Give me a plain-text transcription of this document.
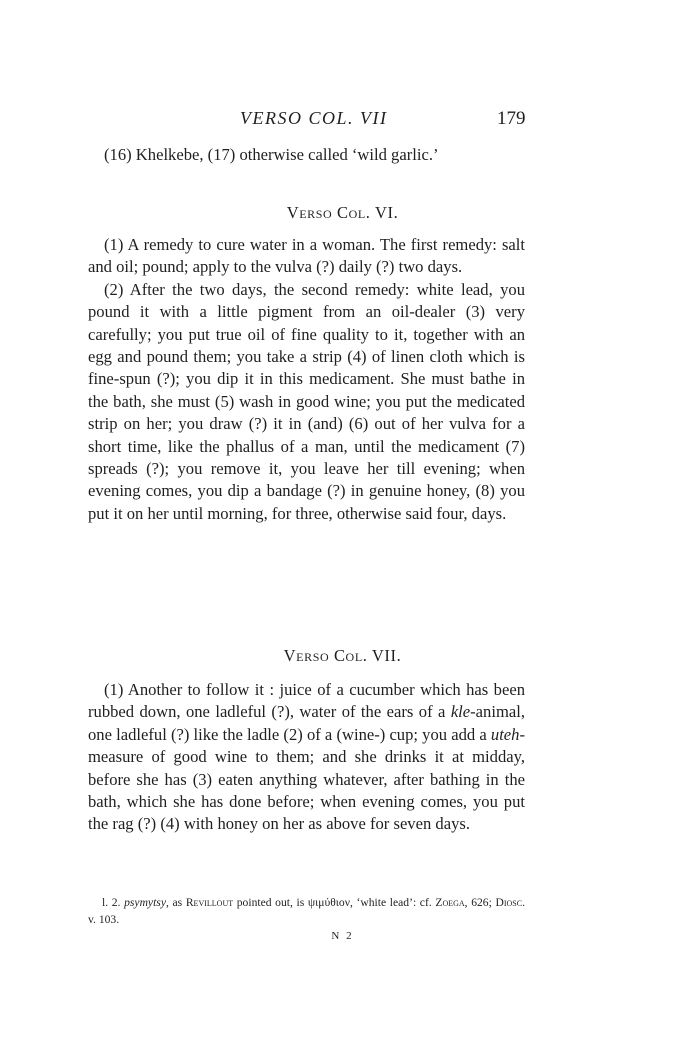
VERSO COL. VII	179

(16) Khelkebe, (17) otherwise called ‘wild garlic.’

Verso Col. VI.

(1) A remedy to cure water in a woman. The first remedy: salt and oil; pound; apply to the vulva (?) daily (?) two days.

(2) After the two days, the second remedy: white lead, you pound it with a little pigment from an oil-dealer (3) very carefully; you put true oil of fine quality to it, together with an egg and pound them; you take a strip (4) of linen cloth which is fine-spun (?); you dip it in this medicament. She must bathe in the bath, she must (5) wash in good wine; you put the medicated strip on her; you draw (?) it in (and) (6) out of her vulva for a short time, like the phallus of a man, until the medicament (7) spreads (?); you remove it, you leave her till evening; when evening comes, you dip a bandage (?) in genuine honey, (8) you put it on her until morning, for three, otherwise said four, days.

Verso Col. VII.

(1) Another to follow it : juice of a cucumber which has been rubbed down, one ladleful (?), water of the ears of a kle-animal, one ladleful (?) like the ladle (2) of a (wine-) cup; you add a uteh-measure of good wine to them; and she drinks it at midday, before she has (3) eaten anything whatever, after bathing in the bath, which she has done before; when evening comes, you put the rag (?) (4) with honey on her as above for seven days.

l. 2. psymytsy, as Revillout pointed out, is ψιμύθιον, ‘white lead’: cf. Zoega, 626; Diosc. v. 103.

N 2
